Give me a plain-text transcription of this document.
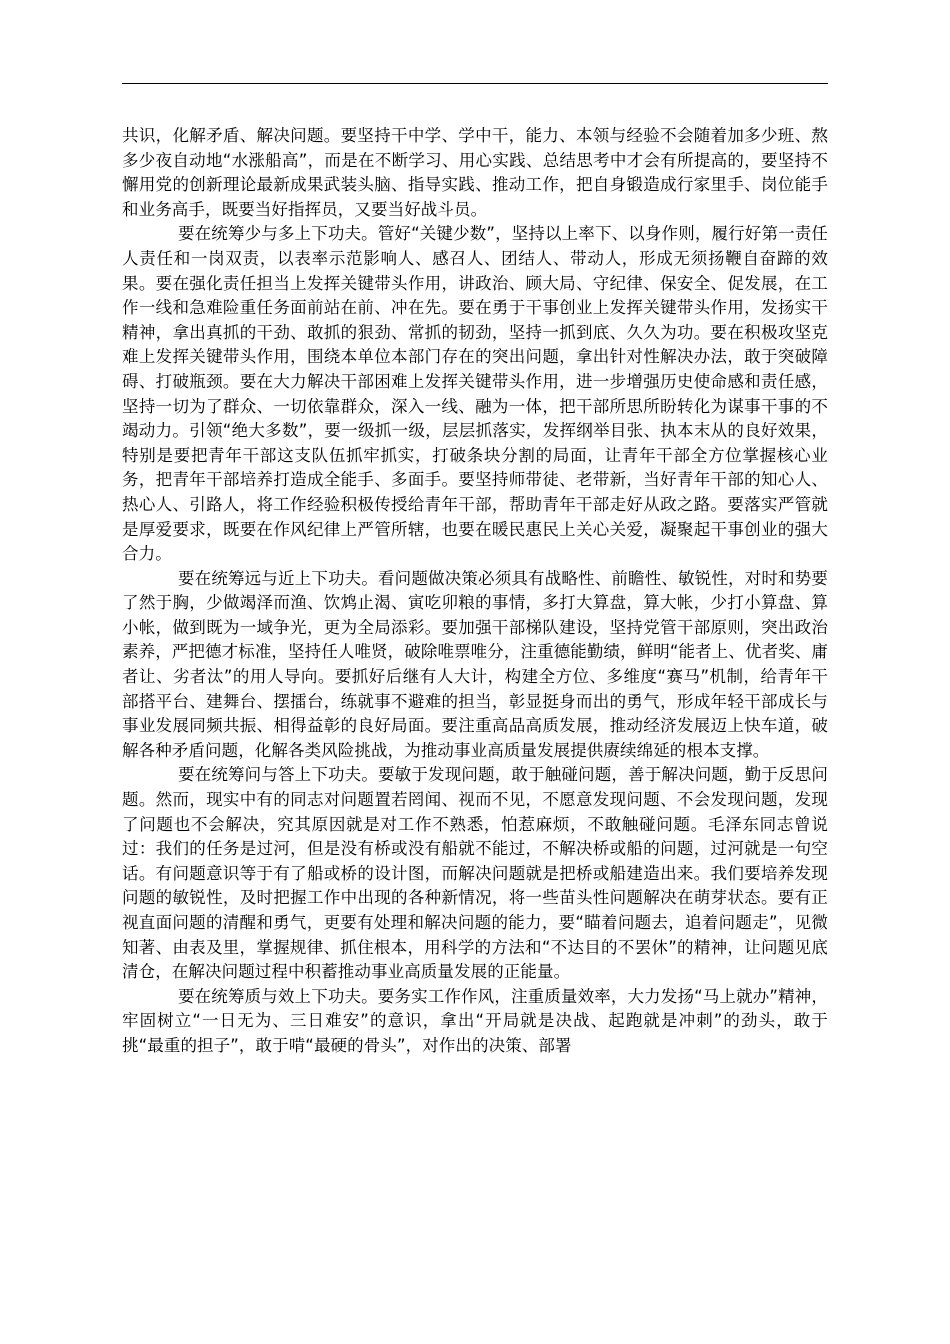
共识，化解矛盾、解决问题。要坚持干中学、学中干，能力、本领与经验不会随着加多少班、熬多少夜自动地“水涨船高”，而是在不断学习、用心实践、总结思考中才会有所提高的，要坚持不懈用党的创新理论最新成果武装头脑、指导实践、推动工作，把自身锻造成行家里手、岗位能手和业务高手，既要当好指挥员，又要当好战斗员。

要在统筹少与多上下功夫。管好“关键少数”，坚持以上率下、以身作则，履行好第一责任人责任和一岗双责，以表率示范影响人、感召人、团结人、带动人，形成无须扬鞭自奋蹄的效果。要在强化责任担当上发挥关键带头作用，讲政治、顾大局、守纪律、保安全、促发展，在工作一线和急难险重任务面前站在前、冲在先。要在勇于干事创业上发挥关键带头作用，发扬实干精神，拿出真抓的干劲、敢抓的狠劲、常抓的韧劲，坚持一抓到底、久久为功。要在积极攻坚克难上发挥关键带头作用，围绕本单位本部门存在的突出问题，拿出针对性解决办法，敢于突破障碍、打破瓶颈。要在大力解决干部困难上发挥关键带头作用，进一步增强历史使命感和责任感，坚持一切为了群众、一切依靠群众，深入一线、融为一体，把干部所思所盼转化为谋事干事的不竭动力。引领“绝大多数”，要一级抓一级，层层抓落实，发挥纲举目张、执本末从的良好效果，特别是要把青年干部这支队伍抓牢抓实，打破条块分割的局面，让青年干部全方位掌握核心业务，把青年干部培养打造成全能手、多面手。要坚持师带徒、老带新，当好青年干部的知心人、热心人、引路人，将工作经验积极传授给青年干部，帮助青年干部走好从政之路。要落实严管就是厚爱要求，既要在作风纪律上严管所辖，也要在暖民惠民上关心关爱，凝聚起干事创业的强大合力。

要在统筹远与近上下功夫。看问题做决策必须具有战略性、前瞻性、敏锐性，对时和势要了然于胸，少做竭泽而渔、饮鸩止渴、寅吃卯粮的事情，多打大算盘，算大帐，少打小算盘、算小帐，做到既为一域争光，更为全局添彩。要加强干部梯队建设，坚持党管干部原则，突出政治素养，严把德才标准，坚持任人唯贤，破除唯票唯分，注重德能勤绩，鲜明“能者上、优者奖、庸者让、劣者汰”的用人导向。要抓好后继有人大计，构建全方位、多维度“赛马”机制，给青年干部搭平台、建舞台、摆擂台，练就事不避难的担当，彰显挺身而出的勇气，形成年轻干部成长与事业发展同频共振、相得益彰的良好局面。要注重高品高质发展，推动经济发展迈上快车道，破解各种矛盾问题，化解各类风险挑战，为推动事业高质量发展提供赓续绵延的根本支撑。

要在统筹问与答上下功夫。要敏于发现问题，敢于触碰问题，善于解决问题，勤于反思问题。然而，现实中有的同志对问题置若罔闻、视而不见，不愿意发现问题、不会发现问题，发现了问题也不会解决，究其原因就是对工作不熟悉，怕惹麻烦，不敢触碰问题。毛泽东同志曾说过：我们的任务是过河，但是没有桥或没有船就不能过，不解决桥或船的问题，过河就是一句空话。有问题意识等于有了船或桥的设计图，而解决问题就是把桥或船建造出来。我们要培养发现问题的敏锐性，及时把握工作中出现的各种新情况，将一些苗头性问题解决在萌芽状态。要有正视直面问题的清醒和勇气，更要有处理和解决问题的能力，要“瞄着问题去，追着问题走”，见微知著、由表及里，掌握规律、抓住根本，用科学的方法和“不达目的不罢休”的精神，让问题见底清仓，在解决问题过程中积蓄推动事业高质量发展的正能量。

要在统筹质与效上下功夫。要务实工作作风，注重质量效率，大力发扬“马上就办”精神，牢固树立“一日无为、三日难安”的意识，拿出“开局就是决战、起跑就是冲刺”的劲头，敢于挑“最重的担子”，敢于啃“最硬的骨头”，对作出的决策、部署
